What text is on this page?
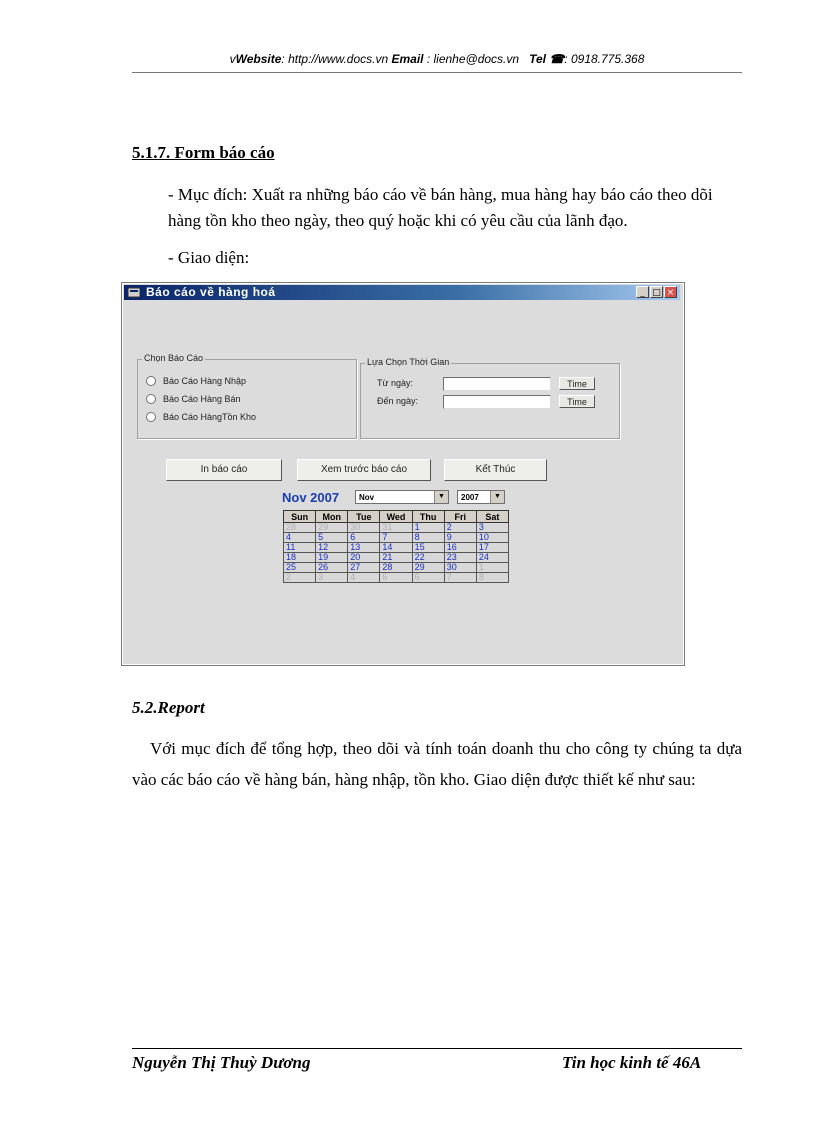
vWebsite: http://www.docs.vn Email : lienhe@docs.vn Tel ☎: 0918.775.368
5.1.7. Form báo cáo
- Mục đích: Xuất ra những báo cáo về bán hàng, mua hàng hay báo cáo theo dõi hàng tồn kho theo ngày, theo quý hoặc khi có yêu cầu của lãnh đạo.
- Giao diện:
Báo cáo về hàng hoá	_ □ ×
Chọn Báo Cáo
Báo Cáo Hàng Nhập
Báo Cáo Hàng Bán
Báo Cáo HàngTồn Kho
Lựa Chọn Thời Gian
Từ ngày:	Time
Đến ngày:	Time
In báo cáo	Xem trước báo cáo	Kết Thúc
Nov 2007	Nov	▼	2007	▼
Sun	Mon	Tue	Wed	Thu	Fri	Sat
28	29	30	31	1	2	3
4	5	6	7	8	9	10
11	12	13	14	15	16	17
18	19	20	21	22	23	24
25	26	27	28	29	30	1
2	3	4	5	6	7	8
5.2.Report
Với mục đích để tổng hợp, theo dõi và tính toán doanh thu cho công ty chúng ta dựa vào các báo cáo về hàng bán, hàng nhập, tồn kho. Giao diện được thiết kế như sau:
Nguyễn Thị Thuỳ Dương	Tin học kinh tế 46A
